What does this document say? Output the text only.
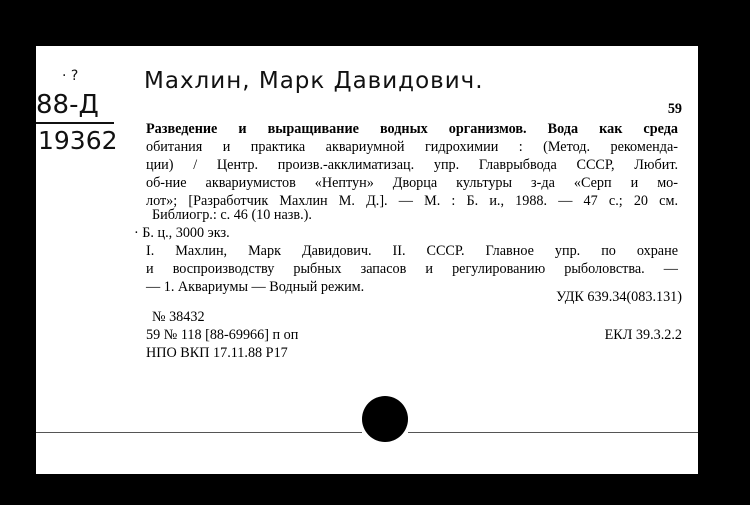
· ?	Махлин, Марк Давидович.
88-Д
19362
59
Разведение и выращивание водных организмов. Вода как среда
обитания и практика аквариумной гидрохимии : (Метод. рекоменда-
ции) / Центр. произв.-акклиматизац. упр. Главрыбвода СССР, Любит.
об-ние аквариумистов «Нептун» Дворца культуры з-да «Серп и мо-
лот»; [Разработчик Махлин М. Д.]. — М. : Б. и., 1988. — 47 с.; 20 см.
Библиогр.: с. 46 (10 назв.).
· Б. ц., 3000 экз.
I. Махлин, Марк Давидович. II. СССР. Главное упр. по охране
и воспроизводству рыбных запасов и регулированию рыболовства. —
— 1. Аквариумы — Водный режим.
УДК 639.34(083.131)
№ 38432
59 № 118 [88-69966] п оп	ЕКЛ 39.3.2.2
НПО ВКП 17.11.88 Р17
